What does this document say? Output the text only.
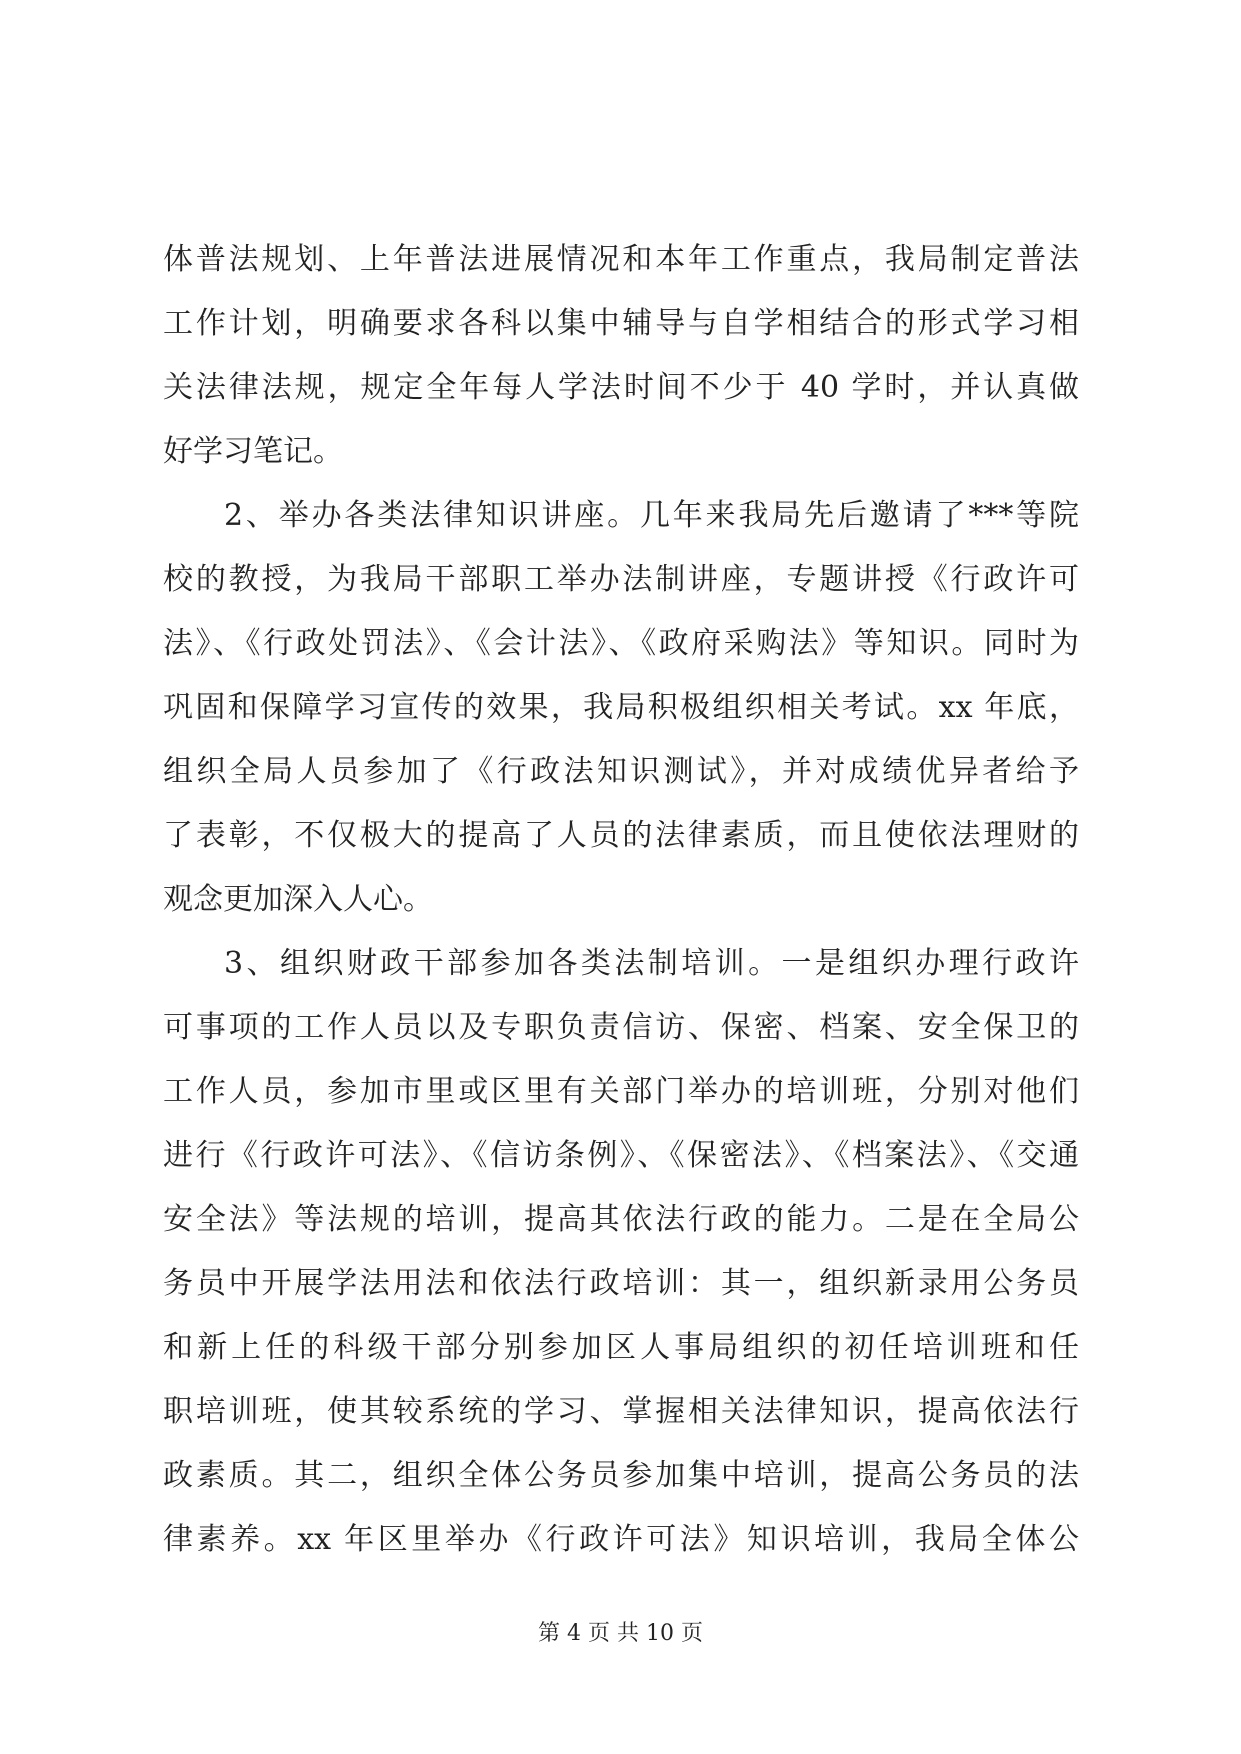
体普法规划、上年普法进展情况和本年工作重点，我局制定普法
工作计划，明确要求各科以集中辅导与自学相结合的形式学习相
关法律法规，规定全年每人学法时间不少于 40 学时，并认真做
好学习笔记。
2、举办各类法律知识讲座。几年来我局先后邀请了***等院
校的教授，为我局干部职工举办法制讲座，专题讲授《行政许可
法》、《行政处罚法》、《会计法》、《政府采购法》等知识。同时为
巩固和保障学习宣传的效果，我局积极组织相关考试。xx 年底，
组织全局人员参加了《行政法知识测试》，并对成绩优异者给予
了表彰，不仅极大的提高了人员的法律素质，而且使依法理财的
观念更加深入人心。
3、组织财政干部参加各类法制培训。一是组织办理行政许
可事项的工作人员以及专职负责信访、保密、档案、安全保卫的
工作人员，参加市里或区里有关部门举办的培训班，分别对他们
进行《行政许可法》、《信访条例》、《保密法》、《档案法》、《交通
安全法》等法规的培训，提高其依法行政的能力。二是在全局公
务员中开展学法用法和依法行政培训：其一，组织新录用公务员
和新上任的科级干部分别参加区人事局组织的初任培训班和任
职培训班，使其较系统的学习、掌握相关法律知识，提高依法行
政素质。其二，组织全体公务员参加集中培训，提高公务员的法
律素养。xx 年区里举办《行政许可法》知识培训，我局全体公
第 4 页 共 10 页
